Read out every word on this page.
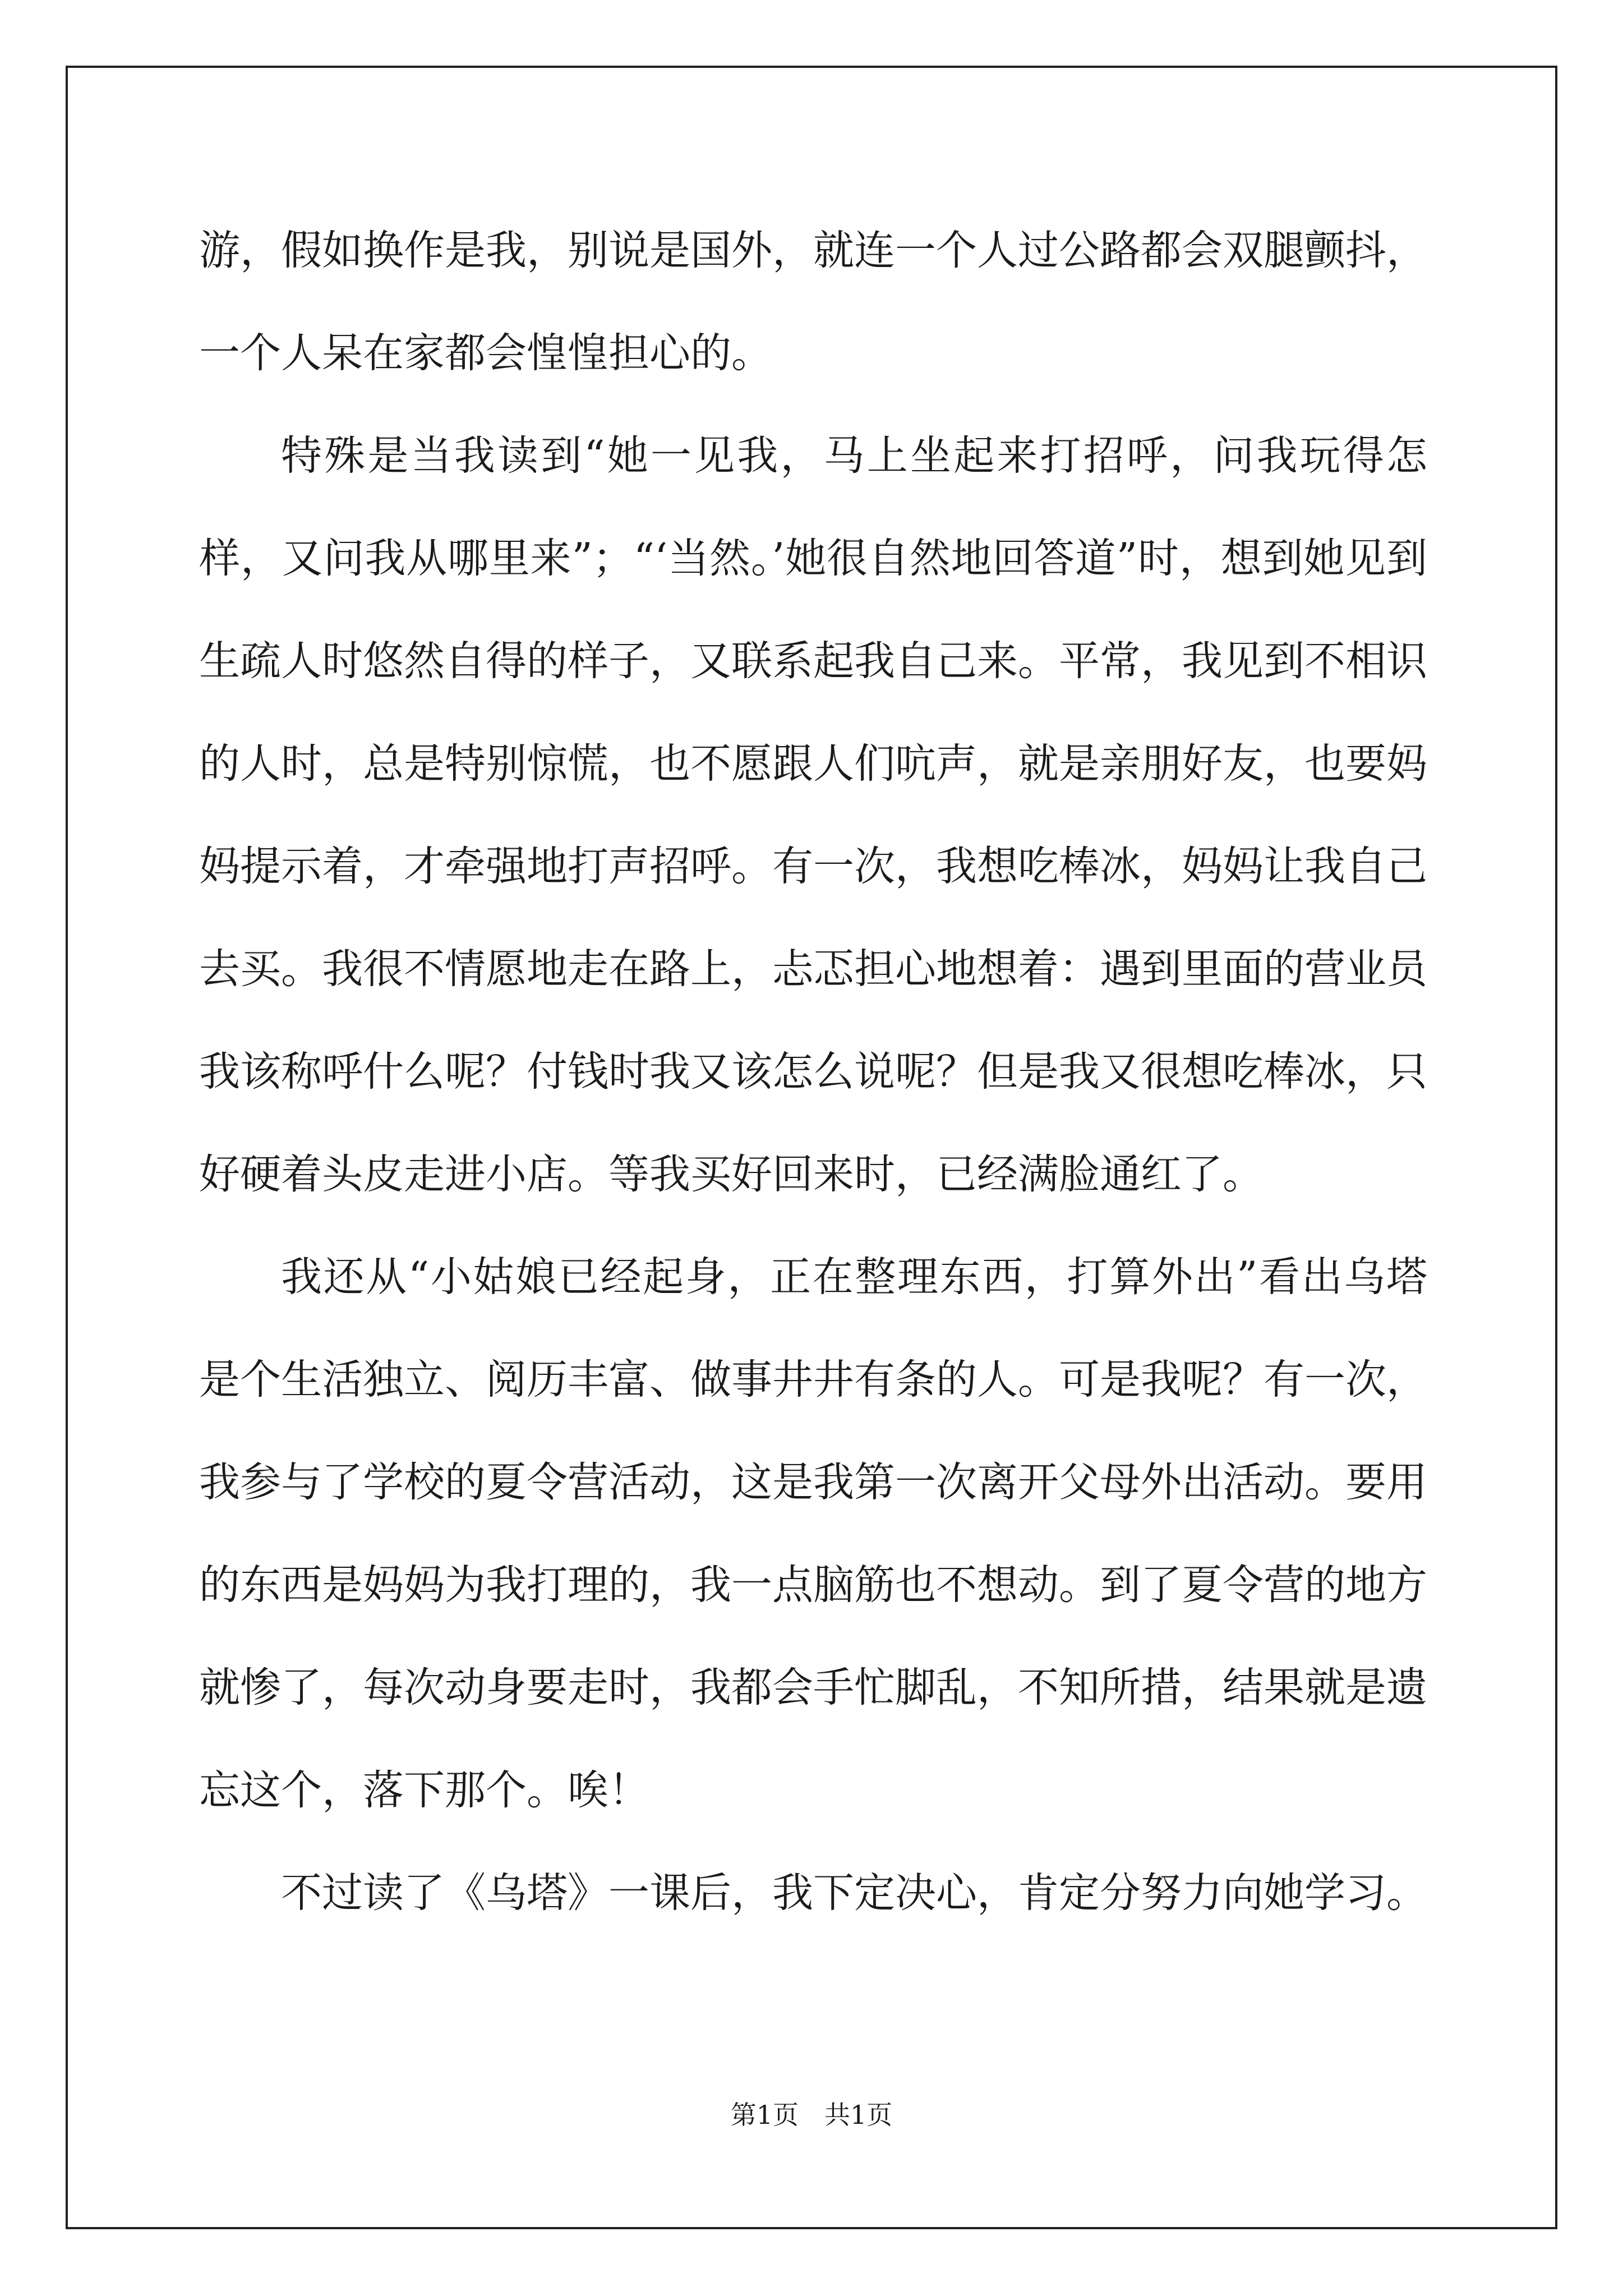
游，假如换作是我，别说是国外，就连一个人过公路都会双腿颤抖，一个人呆在家都会惶惶担心的。

特殊是当我读到“她一见我，马上坐起来打招呼，问我玩得怎样，又问我从哪里来”；“‘当然。’她很自然地回答道”时，想到她见到生疏人时悠然自得的样子，又联系起我自己来。平常，我见到不相识的人时，总是特别惊慌，也不愿跟人们吭声，就是亲朋好友，也要妈妈提示着，才牵强地打声招呼。有一次，我想吃棒冰，妈妈让我自己去买。我很不情愿地走在路上，忐忑担心地想着：遇到里面的营业员我该称呼什么呢？付钱时我又该怎么说呢？但是我又很想吃棒冰，只好硬着头皮走进小店。等我买好回来时，已经满脸通红了。

我还从“小姑娘已经起身，正在整理东西，打算外出”看出乌塔是个生活独立、阅历丰富、做事井井有条的人。可是我呢？有一次，我参与了学校的夏令营活动，这是我第一次离开父母外出活动。要用的东西是妈妈为我打理的，我一点脑筋也不想动。到了夏令营的地方就惨了，每次动身要走时，我都会手忙脚乱，不知所措，结果就是遗忘这个，落下那个。唉！

不过读了《乌塔》一课后，我下定决心，肯定分努力向她学习。

第1页　共1页
